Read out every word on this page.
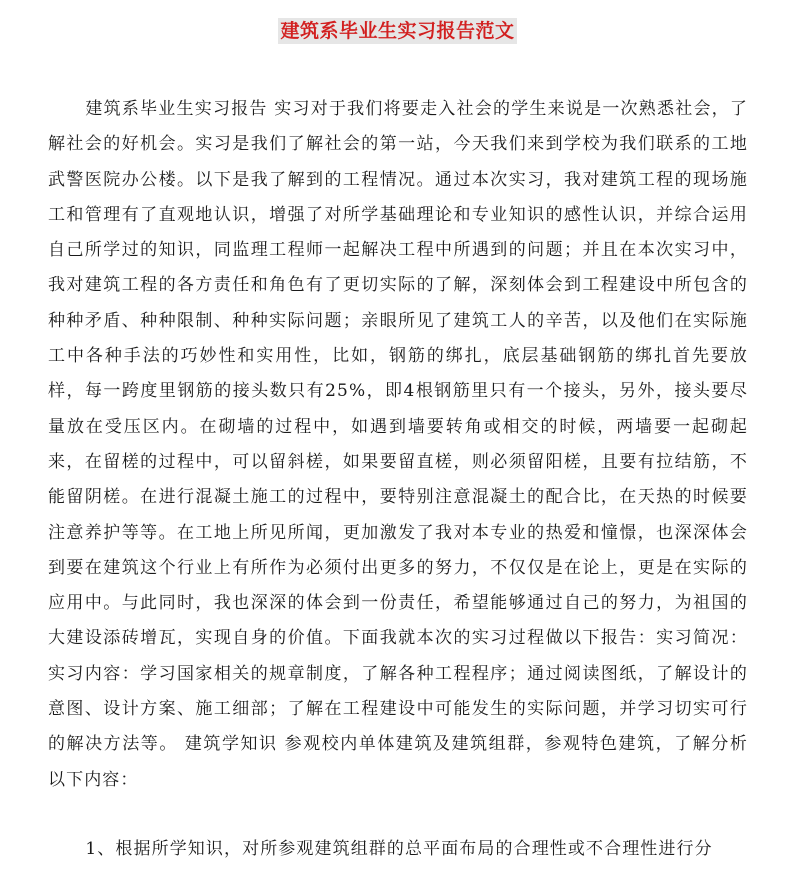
建筑系毕业生实习报告范文

建筑系毕业生实习报告 实习对于我们将要走入社会的学生来说是一次熟悉社会，了解社会的好机会。实习是我们了解社会的第一站，今天我们来到学校为我们联系的工地武警医院办公楼。以下是我了解到的工程情况。通过本次实习，我对建筑工程的现场施工和管理有了直观地认识，增强了对所学基础理论和专业知识的感性认识，并综合运用自己所学过的知识，同监理工程师一起解决工程中所遇到的问题；并且在本次实习中，我对建筑工程的各方责任和角色有了更切实际的了解，深刻体会到工程建设中所包含的种种矛盾、种种限制、种种实际问题；亲眼所见了建筑工人的辛苦，以及他们在实际施工中各种手法的巧妙性和实用性，比如，钢筋的绑扎，底层基础钢筋的绑扎首先要放样，每一跨度里钢筋的接头数只有25%，即4根钢筋里只有一个接头，另外，接头要尽量放在受压区内。在砌墙的过程中，如遇到墙要转角或相交的时候，两墙要一起砌起来，在留槎的过程中，可以留斜槎，如果要留直槎，则必须留阳槎，且要有拉结筋，不能留阴槎。在进行混凝土施工的过程中，要特别注意混凝土的配合比，在天热的时候要注意养护等等。在工地上所见所闻，更加激发了我对本专业的热爱和憧憬，也深深体会到要在建筑这个行业上有所作为必须付出更多的努力，不仅仅是在论上，更是在实际的应用中。与此同时，我也深深的体会到一份责任，希望能够通过自己的努力，为祖国的大建设添砖增瓦，实现自身的价值。下面我就本次的实习过程做以下报告：实习简况：实习内容：学习国家相关的规章制度，了解各种工程程序；通过阅读图纸，了解设计的意图、设计方案、施工细部；了解在工程建设中可能发生的实际问题，并学习切实可行的解决方法等。 建筑学知识 参观校内单体建筑及建筑组群，参观特色建筑，了解分析以下内容：

1、根据所学知识，对所参观建筑组群的总平面布局的合理性或不合理性进行分
